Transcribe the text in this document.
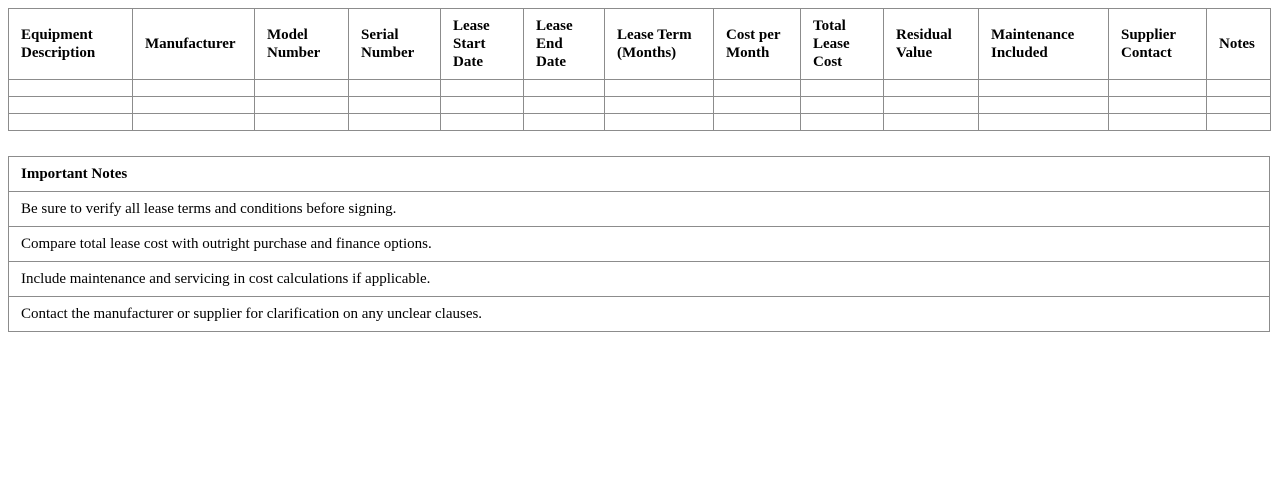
Equipment Description	Manufacturer	Model Number	Serial Number	Lease Start Date	Lease End Date	Lease Term (Months)	Cost per Month	Total Lease Cost	Residual Value	Maintenance Included	Supplier Contact	Notes

Important Notes
Be sure to verify all lease terms and conditions before signing.
Compare total lease cost with outright purchase and finance options.
Include maintenance and servicing in cost calculations if applicable.
Contact the manufacturer or supplier for clarification on any unclear clauses.
